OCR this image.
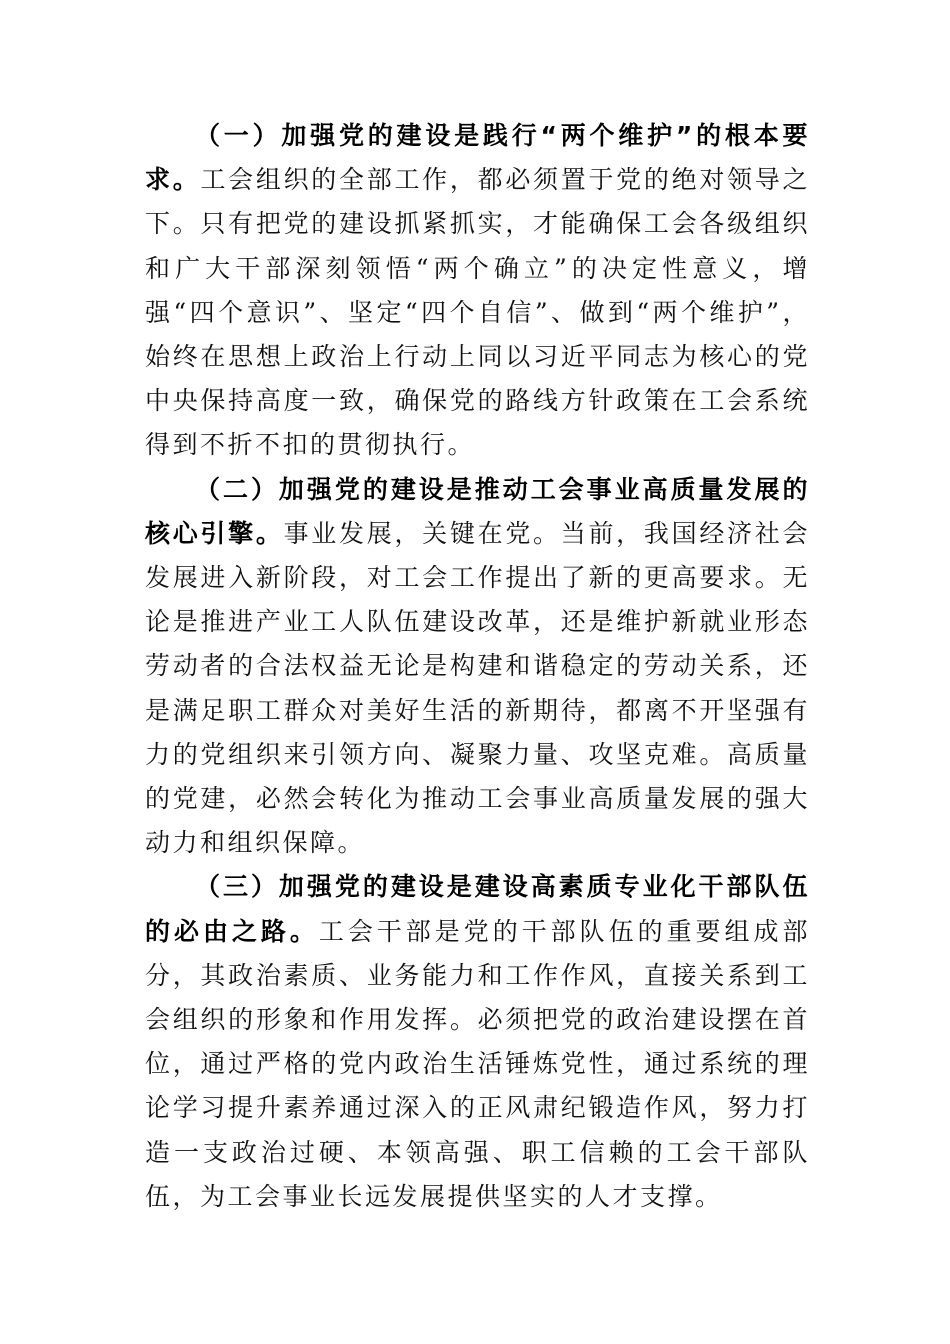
（一）加强党的建设是践行“两个维护”的根本要求。工会组织的全部工作，都必须置于党的绝对领导之下。只有把党的建设抓紧抓实，才能确保工会各级组织和广大干部深刻领悟“两个确立”的决定性意义，增强“四个意识”、坚定“四个自信”、做到“两个维护”，始终在思想上政治上行动上同以习近平同志为核心的党中央保持高度一致，确保党的路线方针政策在工会系统得到不折不扣的贯彻执行。

（二）加强党的建设是推动工会事业高质量发展的核心引擎。事业发展，关键在党。当前，我国经济社会发展进入新阶段，对工会工作提出了新的更高要求。无论是推进产业工人队伍建设改革，还是维护新就业形态劳动者的合法权益无论是构建和谐稳定的劳动关系，还是满足职工群众对美好生活的新期待，都离不开坚强有力的党组织来引领方向、凝聚力量、攻坚克难。高质量的党建，必然会转化为推动工会事业高质量发展的强大动力和组织保障。

（三）加强党的建设是建设高素质专业化干部队伍的必由之路。工会干部是党的干部队伍的重要组成部分，其政治素质、业务能力和工作作风，直接关系到工会组织的形象和作用发挥。必须把党的政治建设摆在首位，通过严格的党内政治生活锤炼党性，通过系统的理论学习提升素养通过深入的正风肃纪锻造作风，努力打造一支政治过硬、本领高强、职工信赖的工会干部队伍，为工会事业长远发展提供坚实的人才支撑。
